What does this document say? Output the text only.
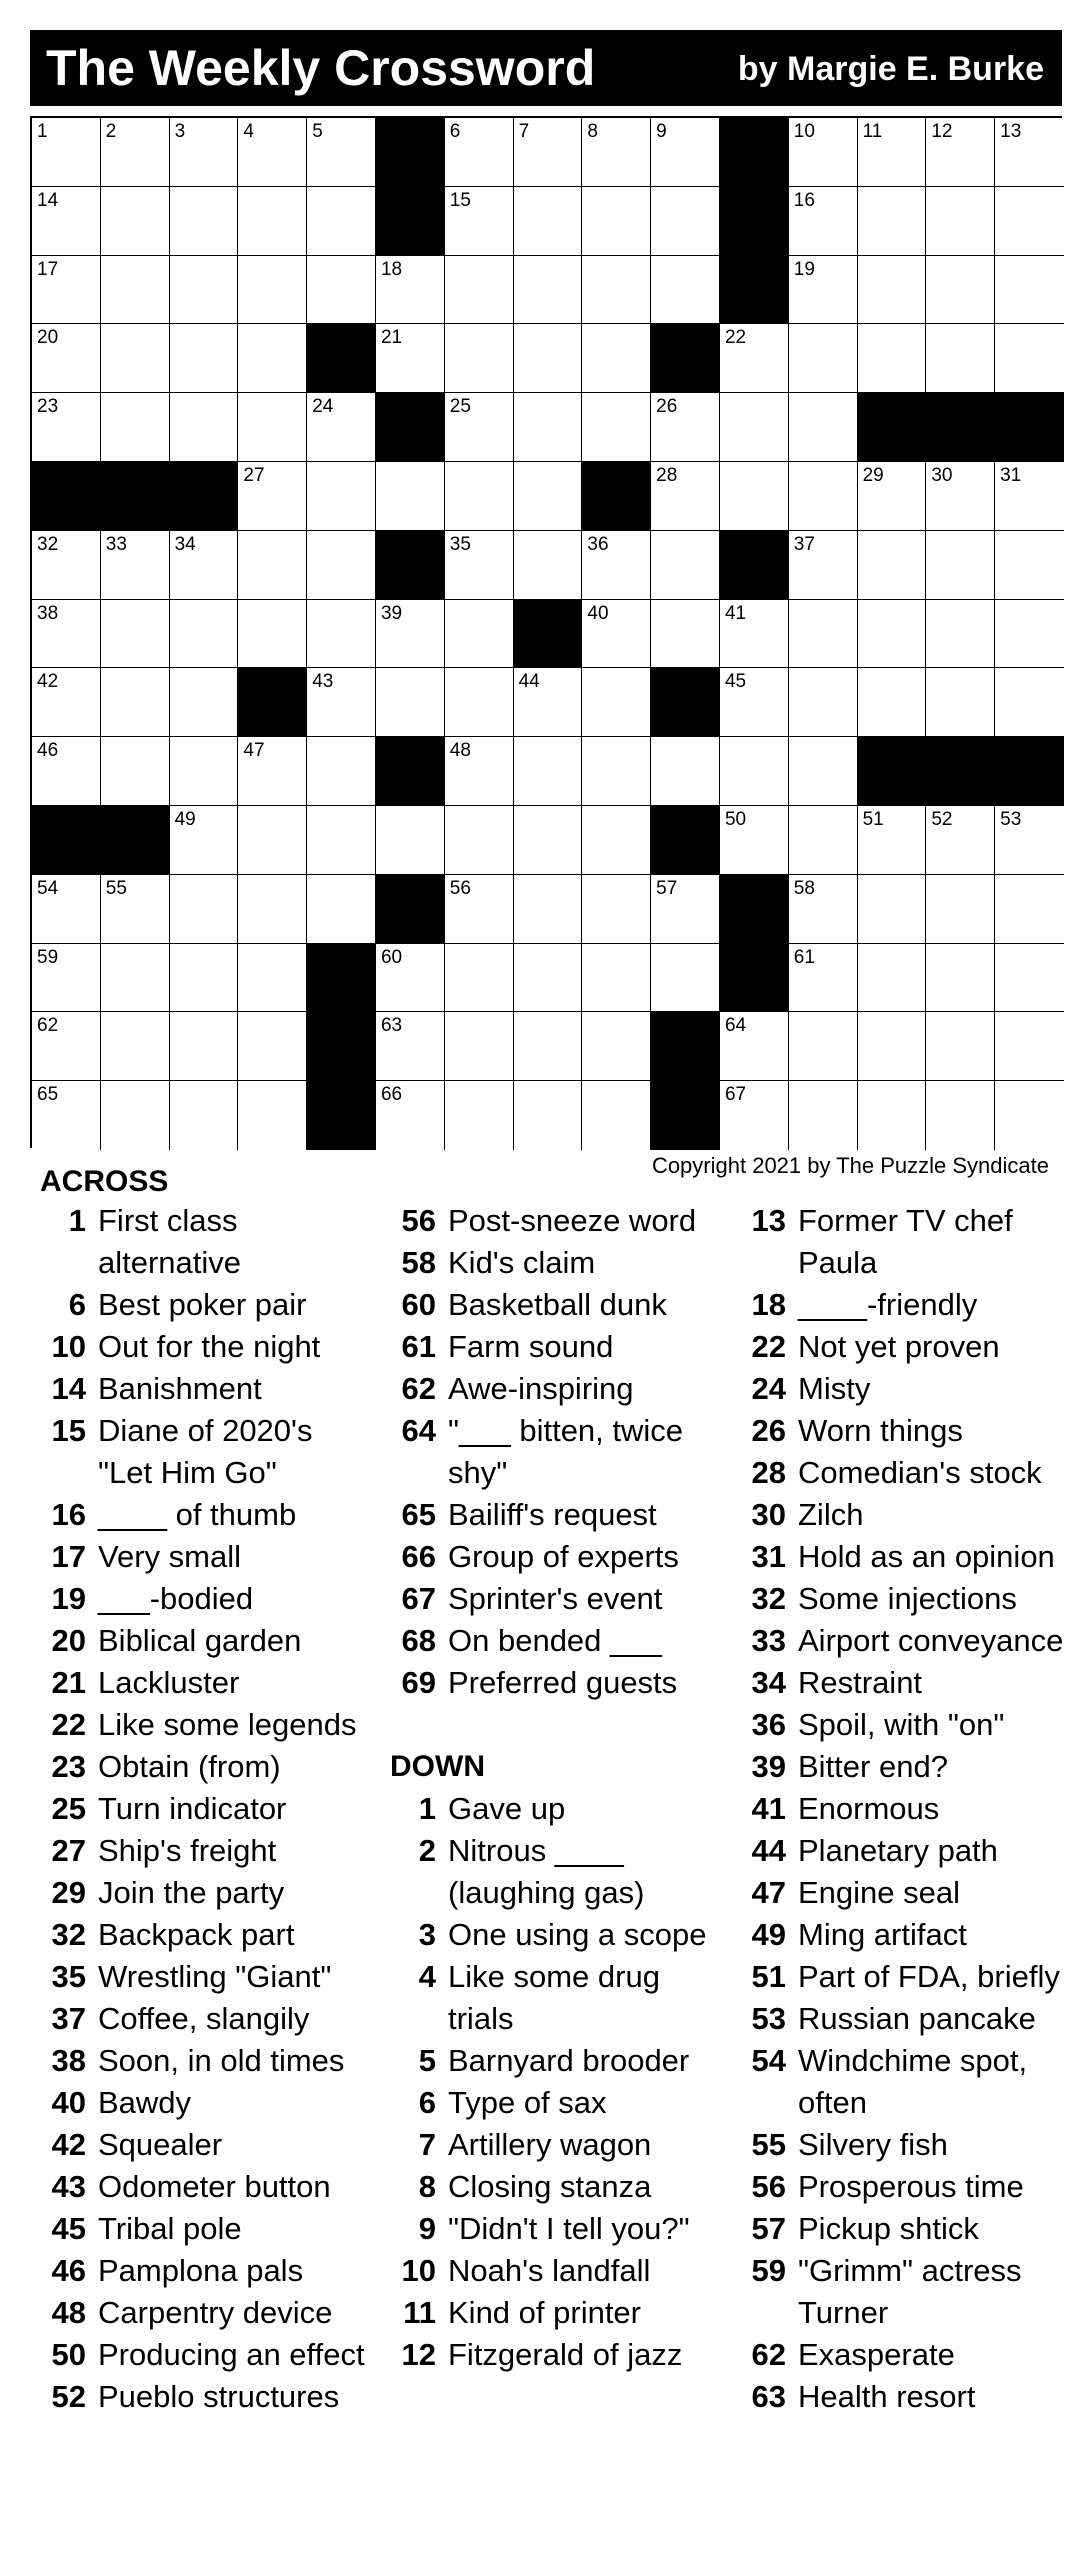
The Weekly Crossword	by Margie E. Burke
1	2	3	4	5	6	7	8	9	10	11	12	13
14	15	16
17	18	19
20	21	22
23	24	25	26
27	28	29	30	31
32	33	34	35	36	37
38	39	40	41
42	43	44	45
46	47	48
49	50	51	52	53
54	55	56	57	58
59	60	61
62	63	64
65	66	67
Copyright 2021 by The Puzzle Syndicate
ACROSS
1 First class alternative
6 Best poker pair
10 Out for the night
14 Banishment
15 Diane of 2020's "Let Him Go"
16 ____ of thumb
17 Very small
19 ___-bodied
20 Biblical garden
21 Lackluster
22 Like some legends
23 Obtain (from)
25 Turn indicator
27 Ship's freight
29 Join the party
32 Backpack part
35 Wrestling "Giant"
37 Coffee, slangily
38 Soon, in old times
40 Bawdy
42 Squealer
43 Odometer button
45 Tribal pole
46 Pamplona pals
48 Carpentry device
50 Producing an effect
52 Pueblo structures
56 Post-sneeze word
58 Kid's claim
60 Basketball dunk
61 Farm sound
62 Awe-inspiring
64 "___ bitten, twice shy"
65 Bailiff's request
66 Group of experts
67 Sprinter's event
68 On bended ___
69 Preferred guests
DOWN
1 Gave up
2 Nitrous ____ (laughing gas)
3 One using a scope
4 Like some drug trials
5 Barnyard brooder
6 Type of sax
7 Artillery wagon
8 Closing stanza
9 "Didn't I tell you?"
10 Noah's landfall
11 Kind of printer
12 Fitzgerald of jazz
13 Former TV chef Paula
18 ____-friendly
22 Not yet proven
24 Misty
26 Worn things
28 Comedian's stock
30 Zilch
31 Hold as an opinion
32 Some injections
33 Airport conveyance
34 Restraint
36 Spoil, with "on"
39 Bitter end?
41 Enormous
44 Planetary path
47 Engine seal
49 Ming artifact
51 Part of FDA, briefly
53 Russian pancake
54 Windchime spot, often
55 Silvery fish
56 Prosperous time
57 Pickup shtick
59 "Grimm" actress Turner
62 Exasperate
63 Health resort
